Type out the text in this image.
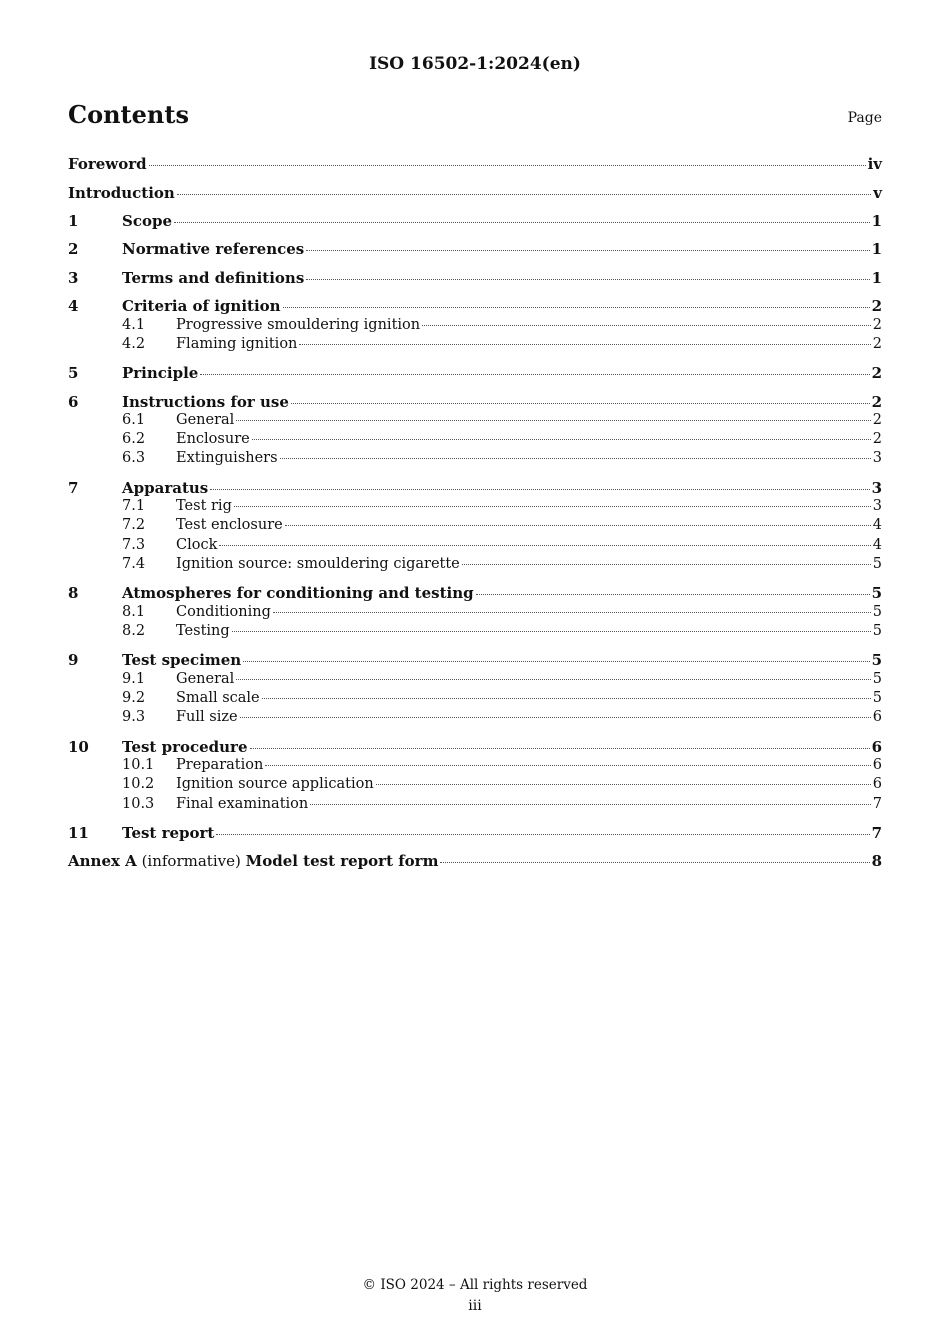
ISO 16502-1:2024(en)
Contents	Page
Foreword	iv
Introduction	v
1	Scope	1
2	Normative references	1
3	Terms and definitions	1
4	Criteria of ignition	2
4.1	Progressive smouldering ignition	2
4.2	Flaming ignition	2
5	Principle	2
6	Instructions for use	2
6.1	General	2
6.2	Enclosure	2
6.3	Extinguishers	3
7	Apparatus	3
7.1	Test rig	3
7.2	Test enclosure	4
7.3	Clock	4
7.4	Ignition source: smouldering cigarette	5
8	Atmospheres for conditioning and testing	5
8.1	Conditioning	5
8.2	Testing	5
9	Test specimen	5
9.1	General	5
9.2	Small scale	5
9.3	Full size	6
10	Test procedure	6
10.1	Preparation	6
10.2	Ignition source application	6
10.3	Final examination	7
11	Test report	7
Annex A (informative) Model test report form	8
© ISO 2024 – All rights reserved
iii
